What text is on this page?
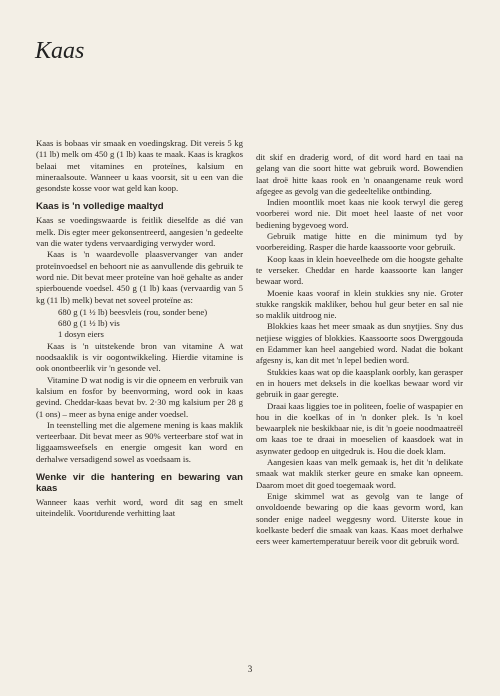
Kaas

Kaas is bobaas vir smaak en voedingskrag. Dit vereis 5 kg (11 lb) melk om 450 g (1 lb) kaas te maak. Kaas is kragkos belaai met vitamines en proteïnes, kalsium en mineraalsoute. Wanneer u kaas voorsit, sit u een van die gesondste kosse voor wat geld kan koop.

Kaas is 'n volledige maaltyd

Kaas se voedingswaarde is feitlik dieselfde as dié van melk. Dis egter meer gekonsentreerd, aangesien 'n gedeelte van die water tydens vervaardiging verwyder word.

Kaas is 'n waardevolle plaasvervanger van ander proteïnvoedsel en behoort nie as aanvullende dis gebruik te word nie. Dit bevat meer proteïne van hoë gehalte as ander spierbouende voedsel. 450 g (1 lb) kaas (vervaardig van 5 kg (11 lb) melk) bevat net soveel proteïne as:

680 g (1 ½ lb) beesvleis (rou, sonder bene)
680 g (1 ½ lb) vis
1 dosyn eiers

Kaas is 'n uitstekende bron van vitamine A wat noodsaaklik is vir oogontwikkeling. Hierdie vitamine is ook onontbeerlik vir 'n gesonde vel.

Vitamine D wat nodig is vir die opneem en verbruik van kalsium en fosfor by beenvorming, word ook in kaas gevind. Cheddar-kaas bevat bv. 2·30 mg kalsium per 28 g (1 ons) – meer as byna enige ander voedsel.

In teenstelling met die algemene mening is kaas maklik verteerbaar. Dit bevat meer as 90% verteerbare stof wat in liggaamsweefsels en energie omgesit kan word en derhalwe versadigend sowel as voedsaam is.

Wenke vir die hantering en bewaring van kaas

Wanneer kaas verhit word, word dit sag en smelt uiteindelik. Voortdurende verhitting laat

dit skif en draderig word, of dit word hard en taai na gelang van die soort hitte wat gebruik word. Bowendien laat droë hitte kaas rook en 'n onaangename reuk word afgegee as gevolg van die gedeeltelike ontbinding.

Indien moontlik moet kaas nie kook terwyl die gereg voorberei word nie. Dit moet heel laaste of net voor bediening bygevoeg word.

Gebruik matige hitte en die minimum tyd by voorbereiding. Rasper die harde kaassoorte voor gebruik.

Koop kaas in klein hoeveelhede om die hoogste gehalte te verseker. Cheddar en harde kaassoorte kan langer bewaar word.

Moenie kaas vooraf in klein stukkies sny nie. Groter stukke rangskik makliker, behou hul geur beter en sal nie so maklik uitdroog nie.

Blokkies kaas het meer smaak as dun snytjies. Sny dus netjiese wiggies of blokkies. Kaassoorte soos Dwerggouda en Edammer kan heel aangebied word. Nadat die bokant afgesny is, kan dit met 'n lepel bedien word.

Stukkies kaas wat op die kaasplank oorbly, kan gerasper en in houers met deksels in die koelkas bewaar word vir gebruik in gaar geregte.

Draai kaas liggies toe in politeen, foelie of waspapier en hou in die koelkas of in 'n donker plek. Is 'n koel bewaarplek nie beskikbaar nie, is dit 'n goeie noodmaatreël om kaas toe te draai in moeselien of kaasdoek wat in asynwater gedoop en uitgedruk is. Hou die doek klam.

Aangesien kaas van melk gemaak is, het dit 'n delikate smaak wat maklik sterker geure en smake kan opneem. Daarom moet dit goed toegemaak word.

Enige skimmel wat as gevolg van te lange of onvoldoende bewaring op die kaas gevorm word, kan sonder enige nadeel weggesny word. Uiterste koue in koelkaste bederf die smaak van kaas. Kaas moet derhalwe eers weer kamertemperatuur bereik voor dit gebruik word.

3
